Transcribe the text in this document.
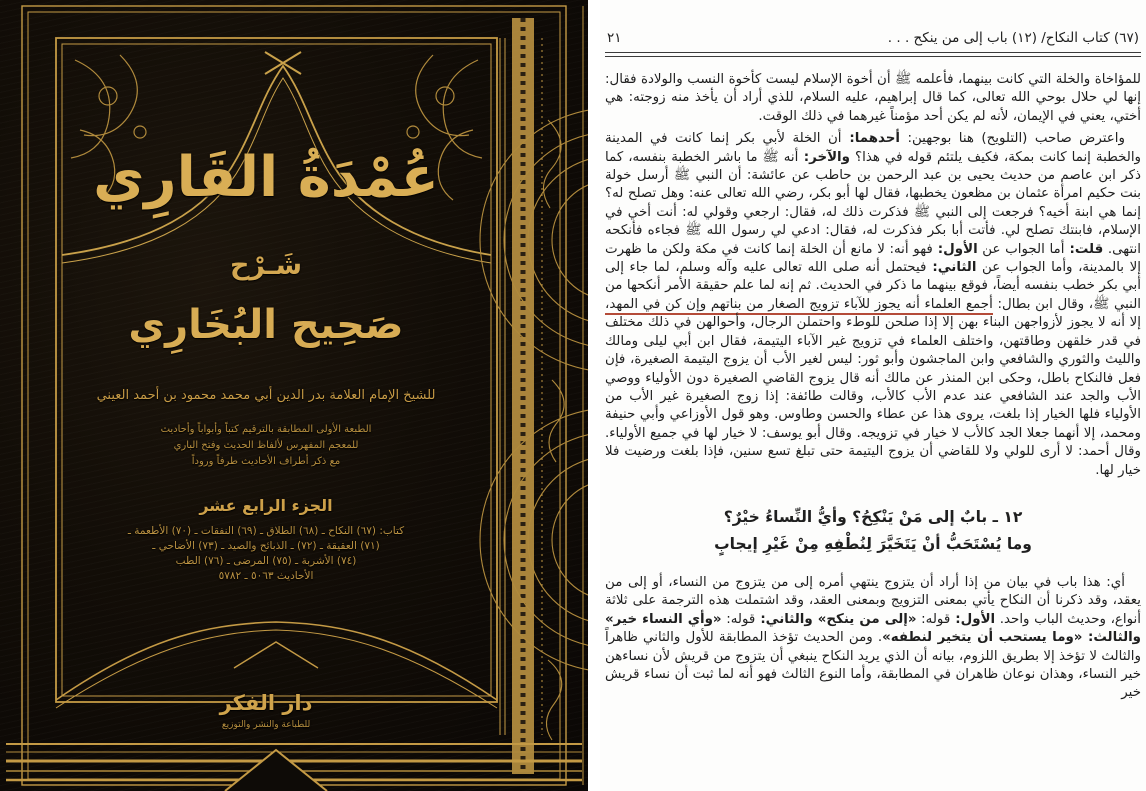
عُمْدَةُ القَارِي
شَـرْح
صَحِيح البُخَارِي
للشيخ الإمام العلامة بدر الدين أبي محمد محمود بن أحمد العيني
الطبعة الأولى المطابقة بالترقيم كتباً وأبواباً وأحاديث
للمعجم المفهرس لألفاظ الحديث وفتح الباري
مع ذكر أطراف الأحاديث طرفاً وروداً
الجزء الرابع عشر
كتاب: (٦٧) النكاح ـ (٦٨) الطلاق ـ (٦٩) النفقات ـ (٧٠) الأطعمة ـ
(٧١) العقيقة ـ (٧٢) ـ الذبائح والصيد ـ (٧٣) الأضاحي ـ
(٧٤) الأشربة ـ (٧٥) المرضى ـ (٧٦) الطب
الأحاديث ٥٠٦٣ ـ ٥٧٨٢
دار الفكر
للطباعة والنشر والتوزيع
(٦٧) كتاب النكاح/ (١٢) باب إلى من ينكح . . .
٢١

للمؤاخاة والخلة التي كانت بينهما، فأعلمه ﷺ أن أخوة الإسلام ليست كأخوة النسب والولادة فقال: إنها لي حلال بوحي الله تعالى، كما قال إبراهيم، عليه السلام، للذي أراد أن يأخذ منه زوجته: هي أختي، يعني في الإيمان، لأنه لم يكن أحد مؤمناً غيرهما في ذلك الوقت.

واعترض صاحب (التلويح) هنا بوجهين: أحدهما: أن الخلة لأبي بكر إنما كانت في المدينة والخطبة إنما كانت بمكة، فكيف يلتئم قوله في هذا؟ والآخر: أنه ﷺ ما باشر الخطبة بنفسه، كما ذكر ابن عاصم من حديث يحيى بن عبد الرحمن بن حاطب عن عائشة: أن النبي ﷺ أرسل خولة بنت حكيم امرأة عثمان بن مظعون يخطبها، فقال لها أبو بكر، رضي الله تعالى عنه: وهل تصلح له؟ إنما هي ابنة أخيه؟ فرجعت إلى النبي ﷺ فذكرت ذلك له، فقال: ارجعي وقولي له: أنت أخي في الإسلام، فابنتك تصلح لي. فأتت أبا بكر فذكرت له، فقال: ادعي لي رسول الله ﷺ فجاءه فأنكحه انتهى. قلت: أما الجواب عن الأول: فهو أنه: لا مانع أن الخلة إنما كانت في مكة ولكن ما ظهرت إلا بالمدينة، وأما الجواب عن الثاني: فيحتمل أنه صلى الله تعالى عليه وآله وسلم، لما جاء إلى أبي بكر خطب بنفسه أيضاً، فوقع بينهما ما ذكر في الحديث. ثم إنه لما علم حقيقة الأمر أنكحها من النبي ﷺ، وقال ابن بطال: أجمع العلماء أنه يجوز للآباء تزويج الصغار من بناتهم وإن كن في المهد، إلا أنه لا يجوز لأزواجهن البناء بهن إلا إذا صلحن للوطء واحتملن الرجال، وأحوالهن في ذلك مختلف في قدر خلقهن وطاقتهن، واختلف العلماء في تزويج غير الآباء اليتيمة، فقال ابن أبي ليلى ومالك والليث والثوري والشافعي وابن الماجشون وأبو ثور: ليس لغير الأب أن يزوج اليتيمة الصغيرة، فإن فعل فالنكاح باطل، وحكى ابن المنذر عن مالك أنه قال يزوج القاضي الصغيرة دون الأولياء ووصي الأب والجد عند الشافعي عند عدم الأب كالأب، وقالت طائفة: إذا زوج الصغيرة غير الأب من الأولياء فلها الخيار إذا بلغت، يروى هذا عن عطاء والحسن وطاوس. وهو قول الأوزاعي وأبي حنيفة ومحمد، إلا أنهما جعلا الجد كالأب لا خيار في تزويجه. وقال أبو يوسف: لا خيار لها في جميع الأولياء. وقال أحمد: لا أرى للولي ولا للقاضي أن يزوج اليتيمة حتى تبلغ تسع سنين، فإذا بلغت ورضيت فلا خيار لها.

١٢ ـ بابٌ إلى مَنْ يَنْكِحُ؟ وأيُّ النِّساءُ خيْرٌ؟
وما يُسْتَحَبُّ أنْ يَتَخَيَّرَ لِنُطْفِهِ مِنْ غَيْرِ إيجابٍ

أي: هذا باب في بيان من إذا أراد أن يتزوج ينتهي أمره إلى من يتزوج من النساء، أو إلى من يعقد، وقد ذكرنا أن النكاح يأتي بمعنى التزويج وبمعنى العقد، وقد اشتملت هذه الترجمة على ثلاثة أنواع، وحديث الباب واحد. الأول: قوله: «إلى من ينكح» والثاني: قوله: «وأي النساء خير» والثالث: «وما يستحب أن يتخير لنطفه». ومن الحديث تؤخذ المطابقة للأول والثاني ظاهراً والثالث لا تؤخذ إلا بطريق اللزوم، بيانه أن الذي يريد النكاح ينبغي أن يتزوج من قريش لأن نساءهن خير النساء، وهذان نوعان ظاهران في المطابقة، وأما النوع الثالث فهو أنه لما ثبت أن نساء قريش خير
